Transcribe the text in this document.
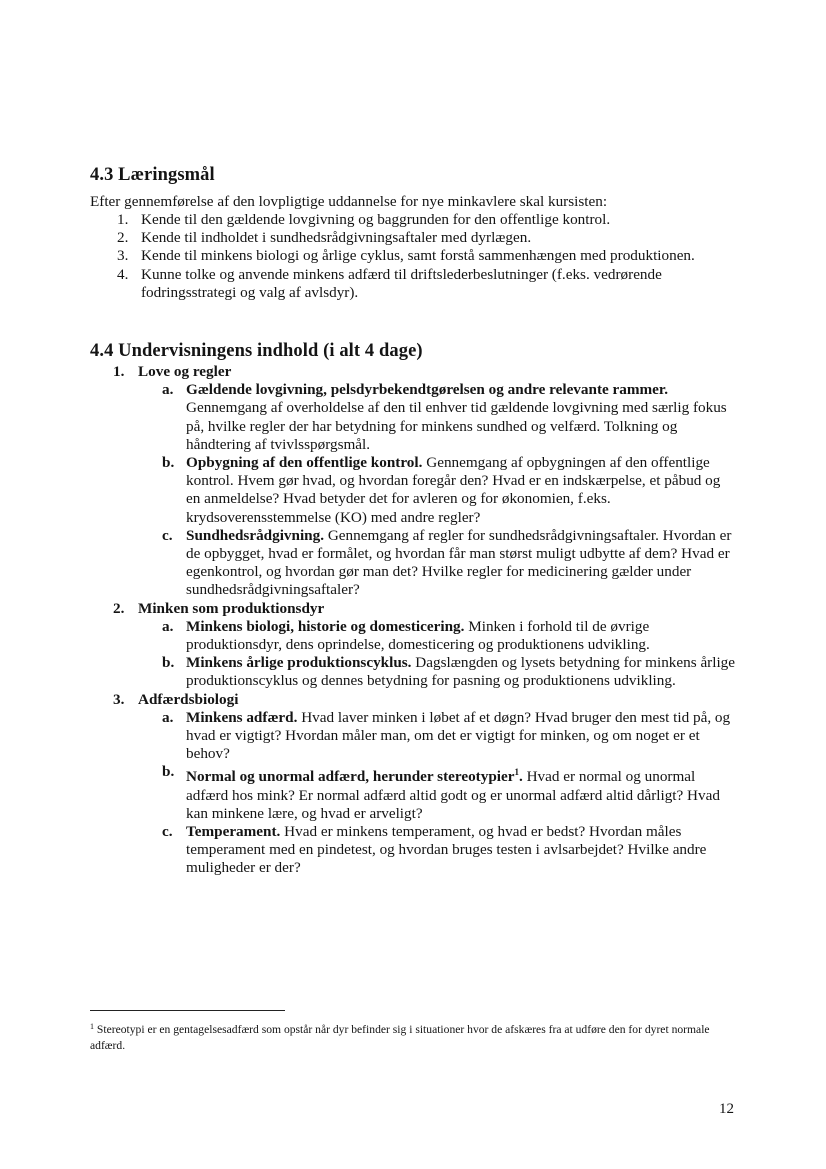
4.3 Læringsmål

Efter gennemførelse af den lovpligtige uddannelse for nye minkavlere skal kursisten:

1. Kende til den gældende lovgivning og baggrunden for den offentlige kontrol.
2. Kende til indholdet i sundhedsrådgivningsaftaler med dyrlægen.
3. Kende til minkens biologi og årlige cyklus, samt forstå sammenhængen med produktionen.
4. Kunne tolke og anvende minkens adfærd til driftslederbeslutninger (f.eks. vedrørende fodringsstrategi og valg af avlsdyr).
4.4 Undervisningens indhold (i alt 4 dage)
1. Love og regler
a. Gældende lovgivning, pelsdyrbekendtgørelsen og andre relevante rammer. Gennemgang af overholdelse af den til enhver tid gældende lovgivning med særlig fokus på, hvilke regler der har betydning for minkens sundhed og velfærd. Tolkning og håndtering af tvivlsspørgsmål.
b. Opbygning af den offentlige kontrol. Gennemgang af opbygningen af den offentlige kontrol. Hvem gør hvad, og hvordan foregår den? Hvad er en indskærpelse, et påbud og en anmeldelse? Hvad betyder det for avleren og for økonomien, f.eks. krydsoverensstemmelse (KO) med andre regler?
c. Sundhedsrådgivning. Gennemgang af regler for sundhedsrådgivningsaftaler. Hvordan er de opbygget, hvad er formålet, og hvordan får man størst muligt udbytte af dem? Hvad er egenkontrol, og hvordan gør man det? Hvilke regler for medicinering gælder under sundhedsrådgivningsaftaler?
2. Minken som produktionsdyr
a. Minkens biologi, historie og domesticering. Minken i forhold til de øvrige produktionsdyr, dens oprindelse, domesticering og produktionens udvikling.
b. Minkens årlige produktionscyklus. Dagslængden og lysets betydning for minkens årlige produktionscyklus og dennes betydning for pasning og produktionens udvikling.
3. Adfærdsbiologi
a. Minkens adfærd. Hvad laver minken i løbet af et døgn? Hvad bruger den mest tid på, og hvad er vigtigt? Hvordan måler man, om det er vigtigt for minken, og om noget er et behov?
b. Normal og unormal adfærd, herunder stereotypier$^1$. Hvad er normal og unormal adfærd hos mink? Er normal adfærd altid godt og er unormal adfærd altid dårligt? Hvad kan minkene lære, og hvad er arveligt?
c. Temperament. Hvad er minkens temperament, og hvad er bedst? Hvordan måles temperament med en pindetest, og hvordan bruges testen i avlsarbejdet? Hvilke andre muligheder er der?

$^1$ Stereotypi er en gentagelsesadfærd som opstår når dyr befinder sig i situationer hvor de afskæres fra at udføre den for dyret normale adfærd.

12
